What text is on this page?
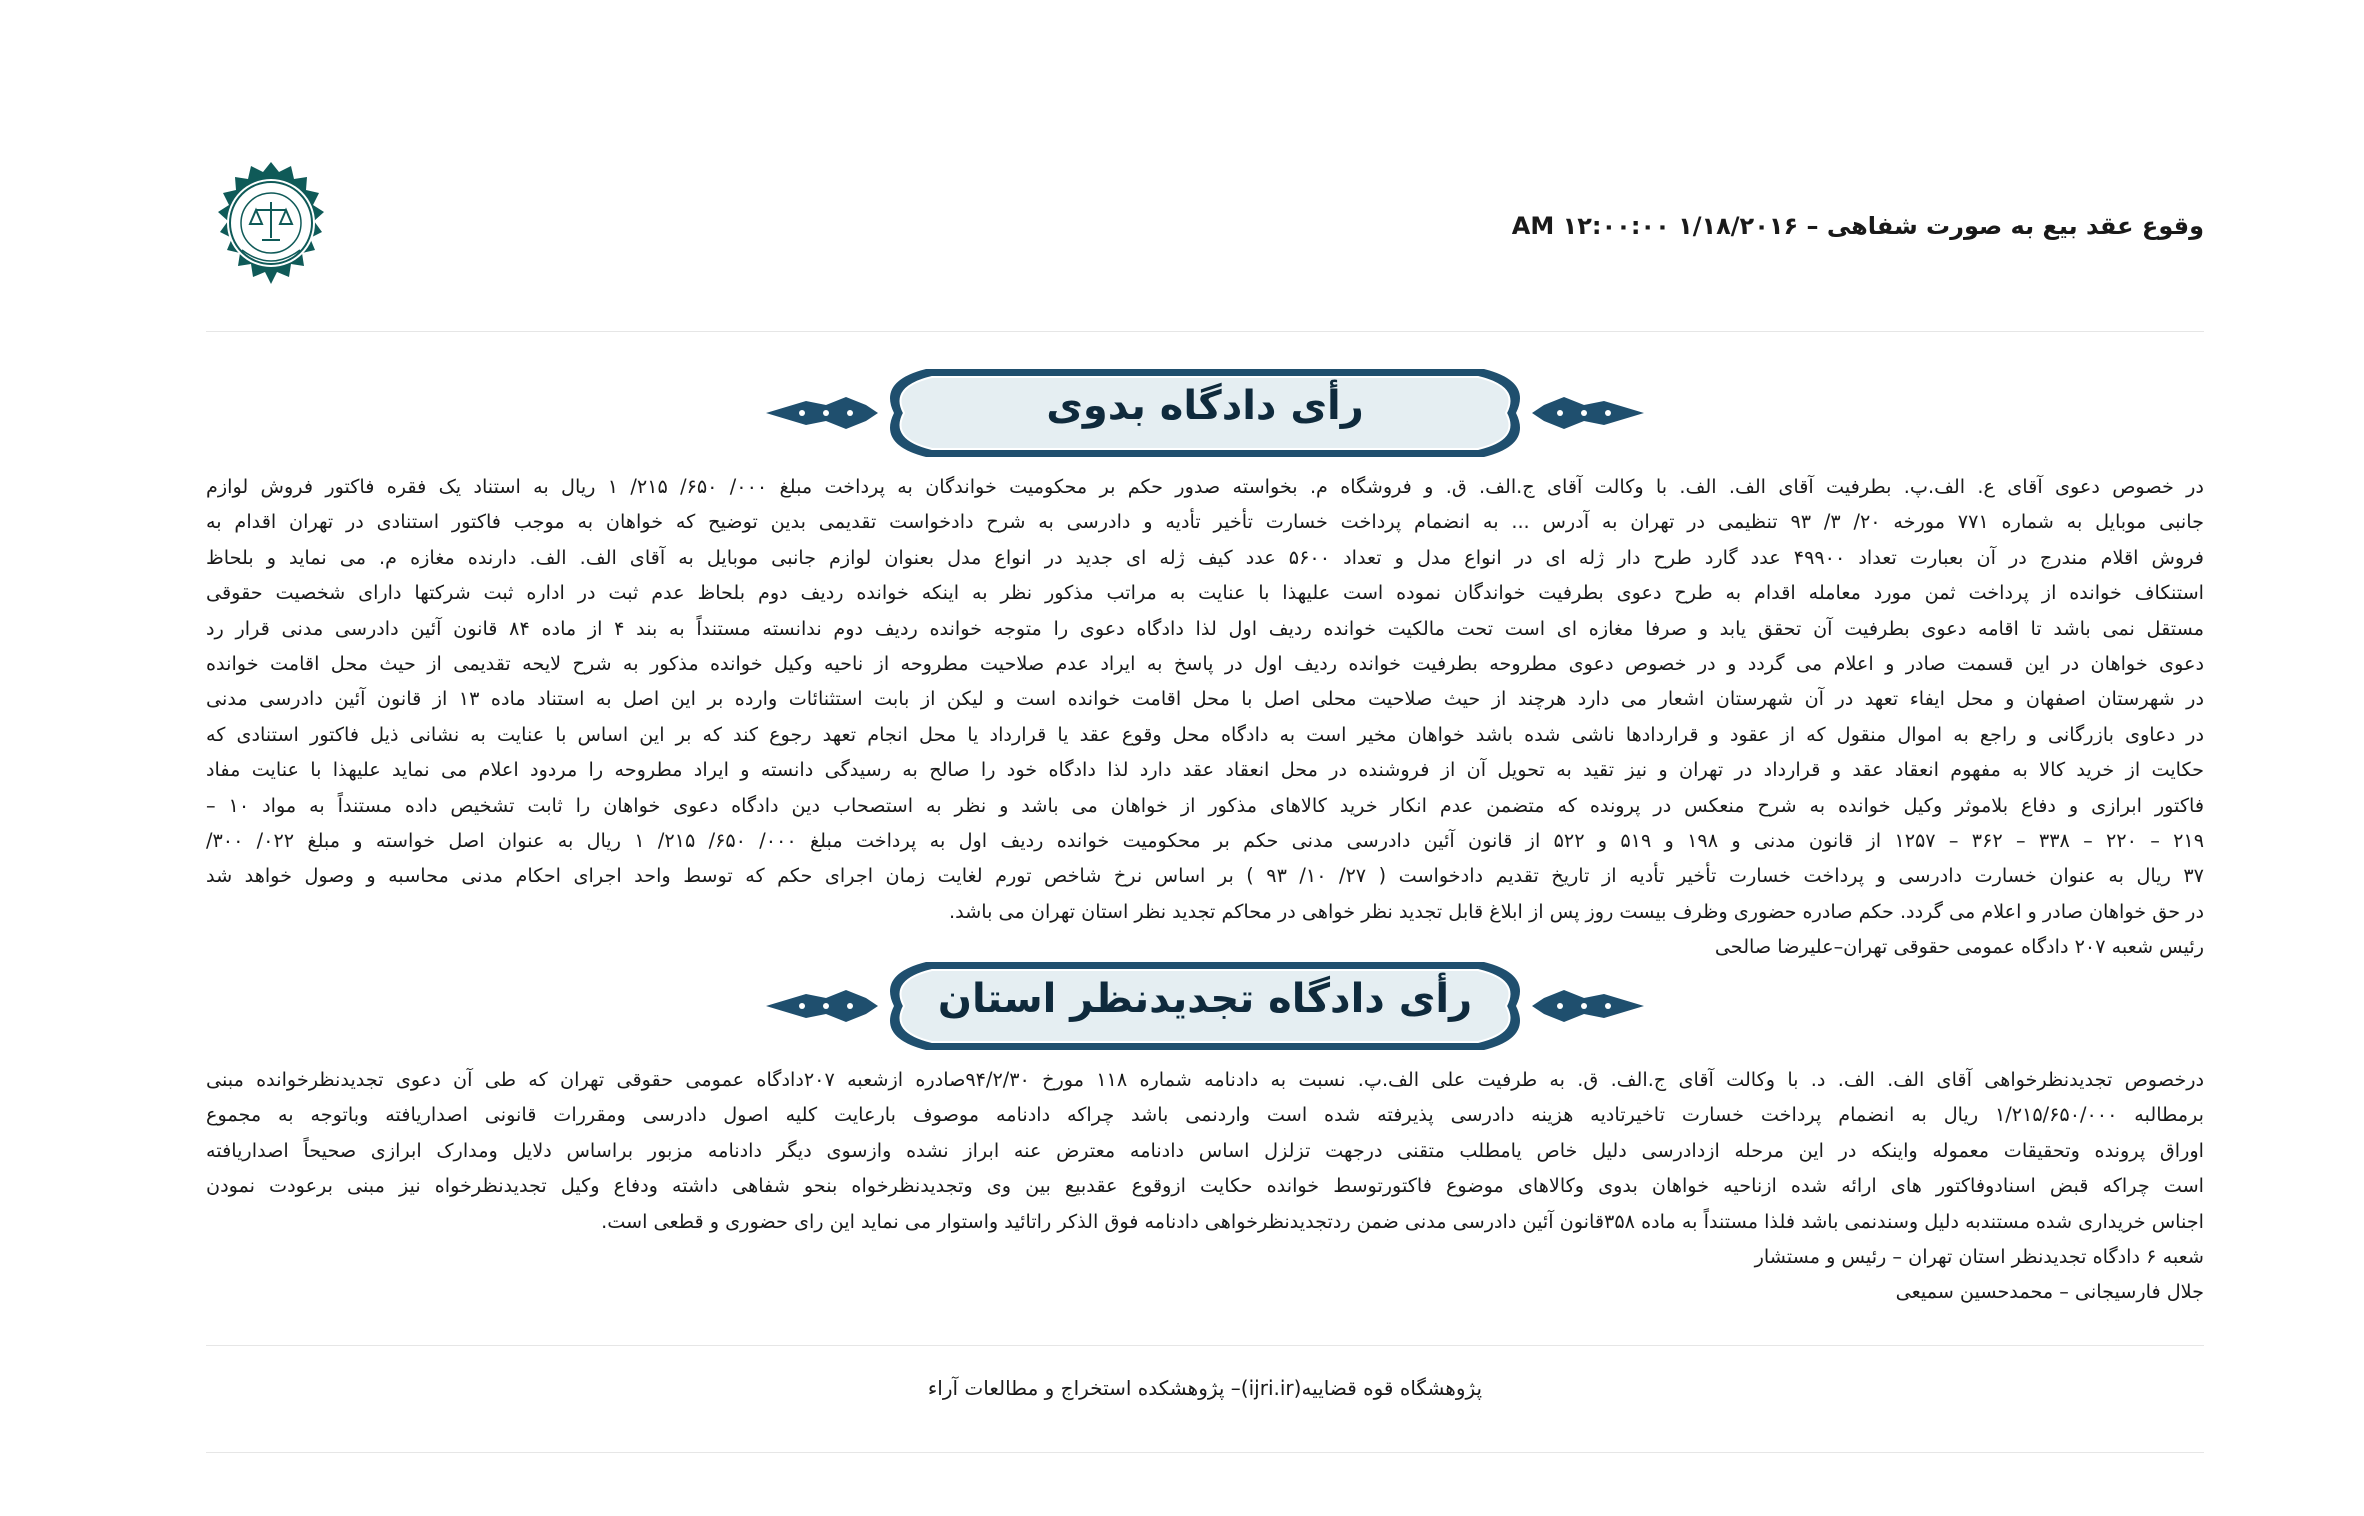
وقوع عقد بیع به صورت شفاهی – ۱/۱۸/۲۰۱۶ ۱۲:۰۰:۰۰ AM
رأی دادگاه بدوی
در خصوص دعوی آقای ع. الف.پ. بطرفیت آقای الف. الف. با وکالت آقای ج.الف. ق. و فروشگاه م. بخواسته صدور حکم بر محکومیت خواندگان به پرداخت مبلغ ۰۰۰/ ۶۵۰/ ۲۱۵/ ۱ ریال به استناد یک فقره فاکتور فروش لوازم
جانبی موبایل به شماره ۷۷۱ مورخه ۲۰/ ۳/ ۹۳ تنظیمی در تهران به آدرس ... به انضمام پرداخت خسارت تأخیر تأدیه و دادرسی به شرح دادخواست تقدیمی بدین توضیح که خواهان به موجب فاکتور استنادی در تهران اقدام به
فروش اقلام مندرج در آن بعبارت تعداد ۴۹۹۰۰ عدد گارد طرح دار ژله ای در انواع مدل و تعداد ۵۶۰۰ عدد کیف ژله ای جدید در انواع مدل بعنوان لوازم جانبی موبایل به آقای الف. الف. دارنده مغازه م. می نماید و بلحاظ
استنکاف خوانده از پرداخت ثمن مورد معامله اقدام به طرح دعوی بطرفیت خواندگان نموده است علیهذا با عنایت به مراتب مذکور نظر به اینکه خوانده ردیف دوم بلحاظ عدم ثبت در اداره ثبت شرکتها دارای شخصیت حقوقی
مستقل نمی باشد تا اقامه دعوی بطرفیت آن تحقق یابد و صرفا مغازه ای است تحت مالکیت خوانده ردیف اول لذا دادگاه دعوی را متوجه خوانده ردیف دوم ندانسته مستنداً به بند ۴ از ماده ۸۴ قانون آئین دادرسی مدنی قرار رد
دعوی خواهان در این قسمت صادر و اعلام می گردد و در خصوص دعوی مطروحه بطرفیت خوانده ردیف اول در پاسخ به ایراد عدم صلاحیت مطروحه از ناحیه وکیل خوانده مذکور به شرح لایحه تقدیمی از حیث محل اقامت خوانده
در شهرستان اصفهان و محل ایفاء تعهد در آن شهرستان اشعار می دارد هرچند از حیث صلاحیت محلی اصل با محل اقامت خوانده است و لیکن از بابت استثنائات وارده بر این اصل به استناد ماده ۱۳ از قانون آئین دادرسی مدنی
در دعاوی بازرگانی و راجع به اموال منقول که از عقود و قراردادها ناشی شده باشد خواهان مخیر است به دادگاه محل وقوع عقد یا قرارداد یا محل انجام تعهد رجوع کند که بر این اساس با عنایت به نشانی ذیل فاکتور استنادی که
حکایت از خرید کالا به مفهوم انعقاد عقد و قرارداد در تهران و نیز تقید به تحویل آن از فروشنده در محل انعقاد عقد دارد لذا دادگاه خود را صالح به رسیدگی دانسته و ایراد مطروحه را مردود اعلام می نماید علیهذا با عنایت مفاد
فاکتور ابرازی و دفاع بلاموثر وکیل خوانده به شرح منعکس در پرونده که متضمن عدم انکار خرید کالاهای مذکور از خواهان می باشد و نظر به استصحاب دین دادگاه دعوی خواهان را ثابت تشخیص داده مستنداً به مواد ۱۰ –
۲۱۹ – ۲۲۰ – ۳۳۸ – ۳۶۲ – ۱۲۵۷ از قانون مدنی و ۱۹۸ و ۵۱۹ و ۵۲۲ از قانون آئین دادرسی مدنی حکم بر محکومیت خوانده ردیف اول به پرداخت مبلغ ۰۰۰/ ۶۵۰/ ۲۱۵/ ۱ ریال به عنوان اصل خواسته و مبلغ ۰۲۲/ ۳۰۰/
۳۷ ریال به عنوان خسارت دادرسی و پرداخت خسارت تأخیر تأدیه از تاریخ تقدیم دادخواست ( ۲۷/ ۱۰/ ۹۳ ) بر اساس نرخ شاخص تورم لغایت زمان اجرای حکم که توسط واحد اجرای احکام مدنی محاسبه و وصول خواهد شد
در حق خواهان صادر و اعلام می گردد. حکم صادره حضوری وظرف بیست روز پس از ابلاغ قابل تجدید نظر خواهی در محاکم تجدید نظر استان تهران می باشد.
رئیس شعبه ۲۰۷ دادگاه عمومی حقوقی تهران–علیرضا صالحی
رأی دادگاه تجدیدنظر استان
درخصوص تجدیدنظرخواهی آقای الف. الف. د. با وکالت آقای ج.الف. ق. به طرفیت علی الف.پ. نسبت به دادنامه شماره ۱۱۸ مورخ ۹۴/۲/۳۰صادره ازشعبه ۲۰۷دادگاه عمومی حقوقی تهران که طی آن دعوی تجدیدنظرخوانده مبنی
برمطالبه ۱/۲۱۵/۶۵۰/۰۰۰ ریال به انضمام پرداخت خسارت تاخیرتادیه هزینه دادرسی پذیرفته شده است واردنمی باشد چراکه دادنامه موصوف بارعایت کلیه اصول دادرسی ومقررات قانونی اصداریافته وباتوجه به مجموع
اوراق پرونده وتحقیقات معموله واینکه در این مرحله ازدادرسی دلیل خاص یامطلب متقنی درجهت تزلزل اساس دادنامه معترض عنه ابراز نشده وازسوی دیگر دادنامه مزبور براساس دلایل ومدارک ابرازی صحیحاً اصداریافته
است چراکه قبض اسنادوفاکتور های ارائه شده ازناحیه خواهان بدوی وکالاهای موضوع فاکتورتوسط خوانده حکایت ازوقوع عقدبیع بین وی وتجدیدنظرخواه بنحو شفاهی داشته ودفاع وکیل تجدیدنظرخواه نیز مبنی برعودت نمودن
اجناس خریداری شده مستندبه دلیل وسندنمی باشد فلذا مستنداً به ماده ۳۵۸قانون آئین دادرسی مدنی ضمن ردتجدیدنظرخواهی دادنامه فوق الذکر راتائید واستوار می نماید این رای حضوری و قطعی است.
شعبه ۶ دادگاه تجدیدنظر استان تهران – رئیس و مستشار
جلال فارسیجانی – محمدحسین سمیعی
پژوهشگاه قوه قضاییه(ijri.ir)– پژوهشکده استخراج و مطالعات آراء
